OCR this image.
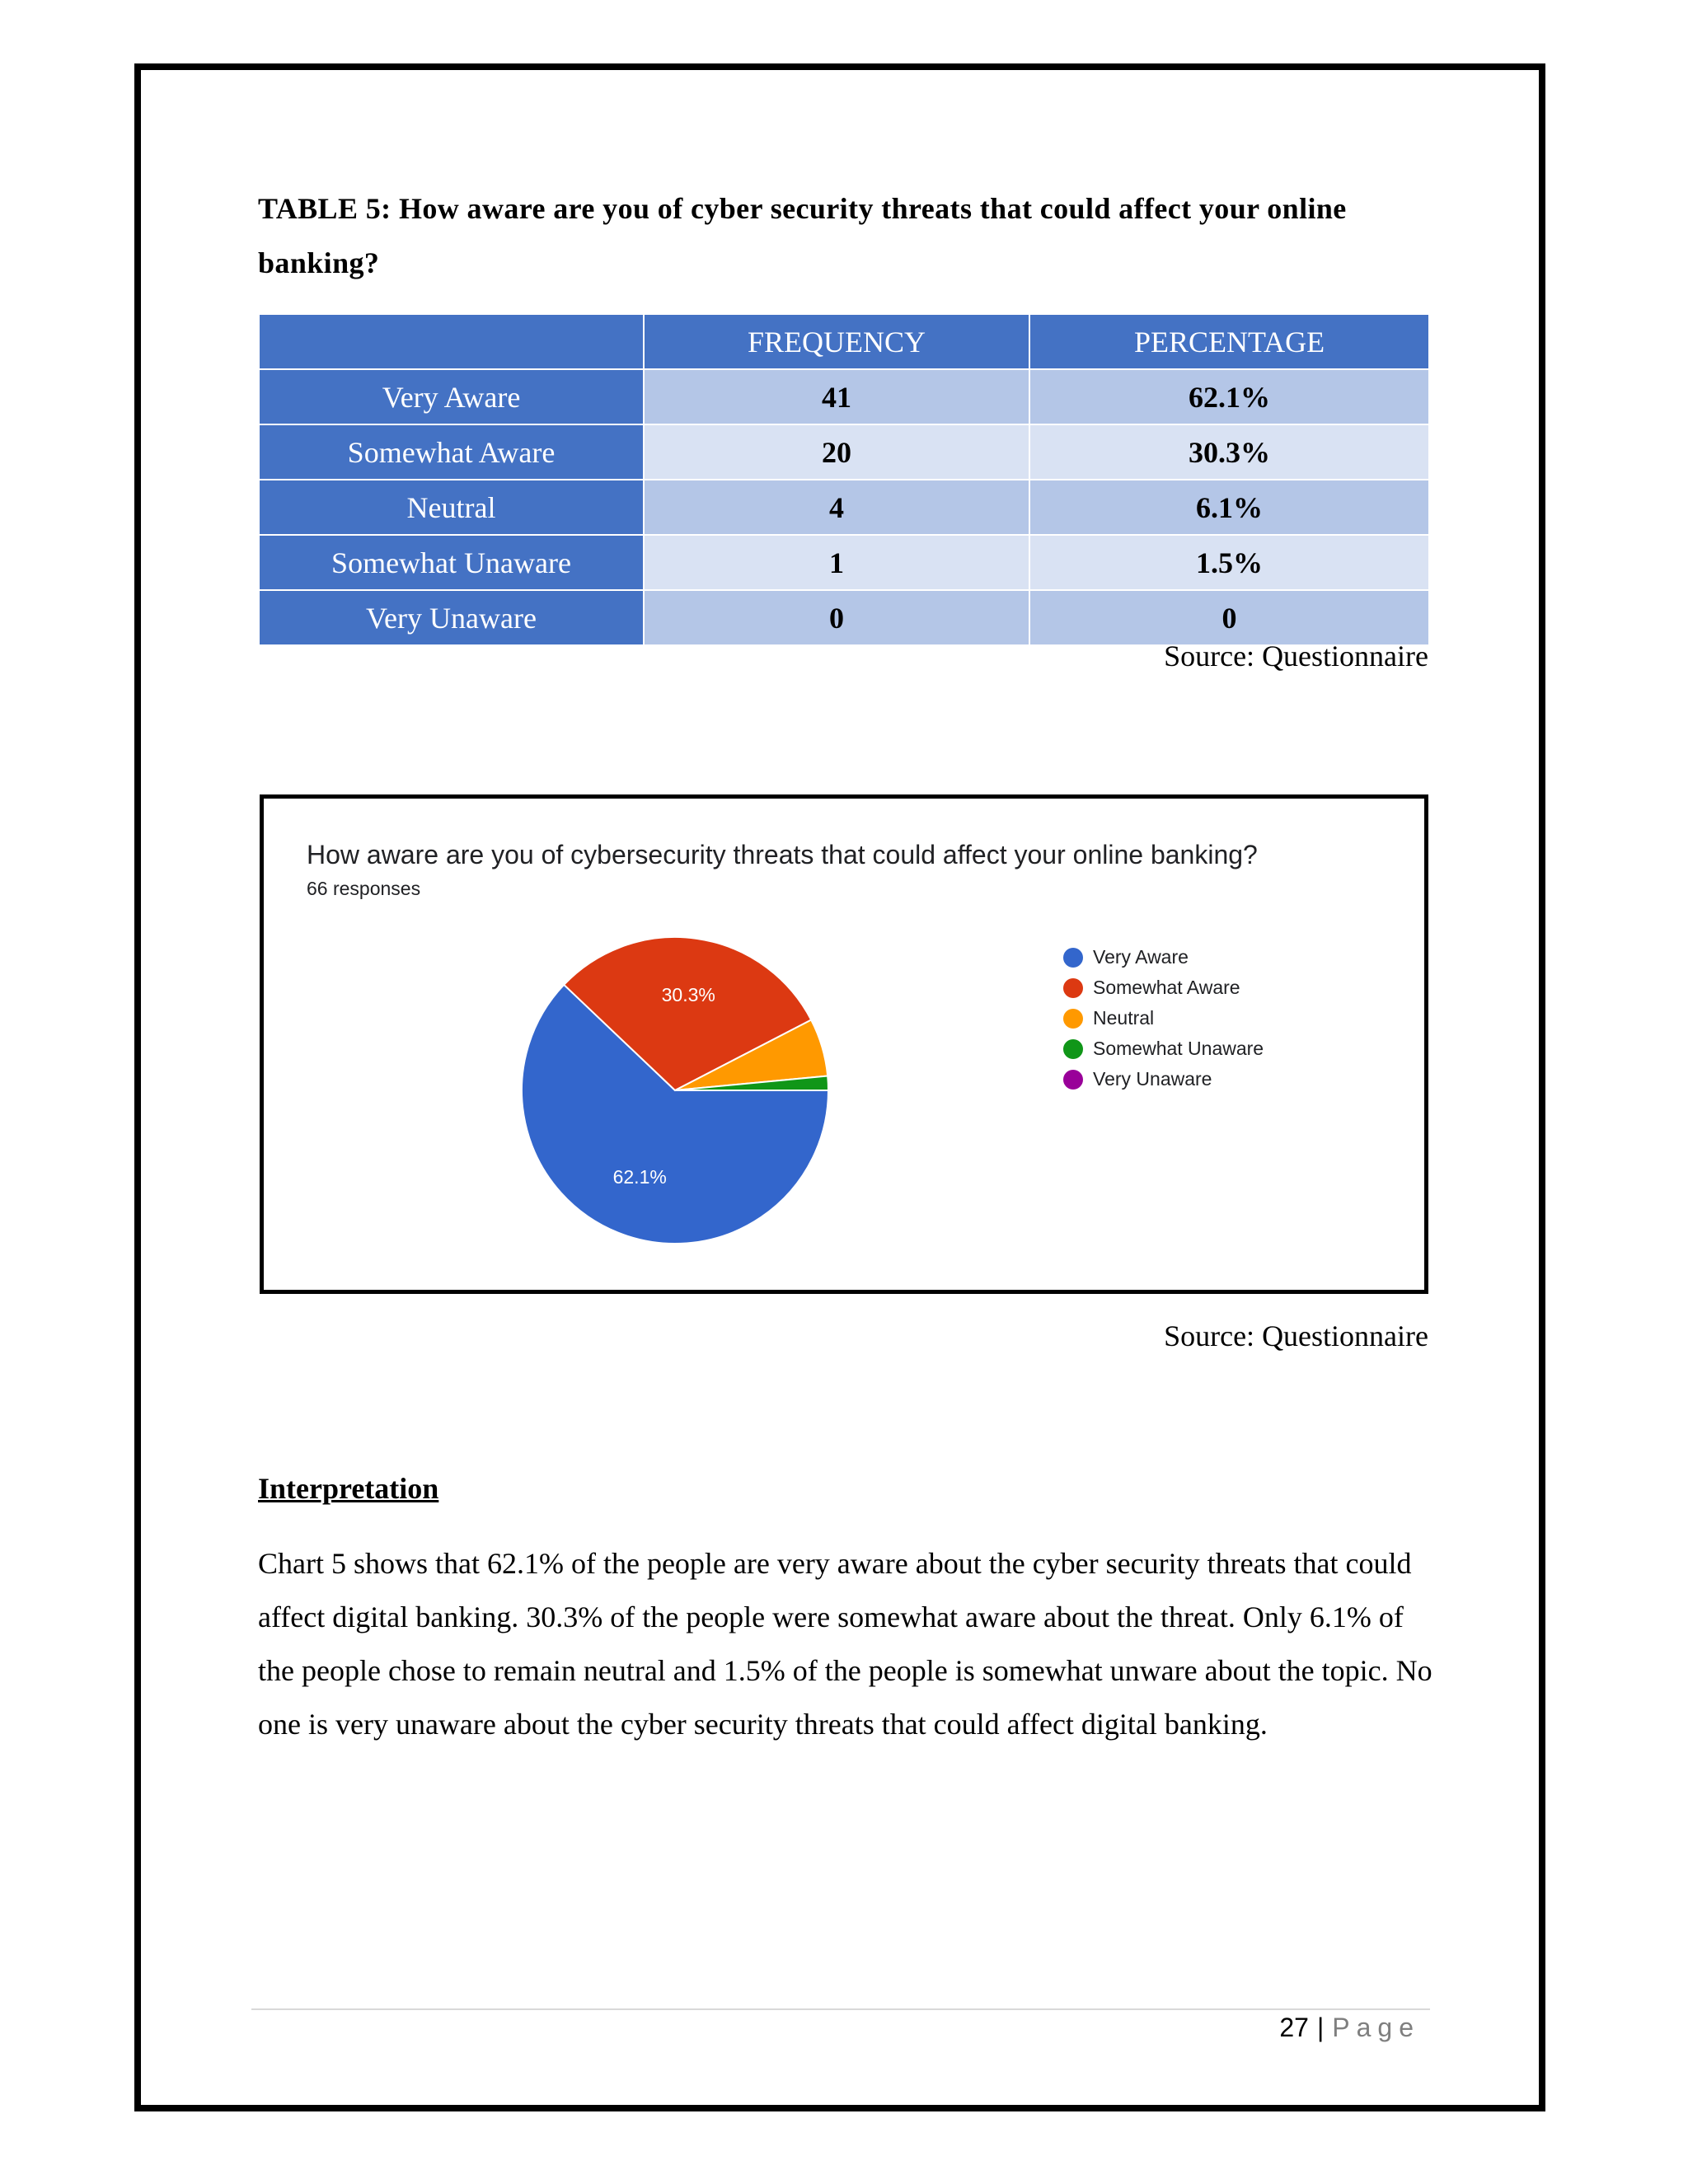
TABLE 5: How aware are you of cyber security threats that could affect your online banking?
	FREQUENCY	PERCENTAGE
Very Aware	41	62.1%
Somewhat Aware	20	30.3%
Neutral	4	6.1%
Somewhat Unaware	1	1.5%
Very Unaware	0	0
Source: Questionnaire
How aware are you of cybersecurity threats that could affect your online banking?
66 responses
62.1%
30.3%
Very Aware
Somewhat Aware
Neutral
Somewhat Unaware
Very Unaware
Source: Questionnaire
Interpretation
Chart 5 shows that 62.1% of the people are very aware about the cyber security threats that could affect digital banking. 30.3% of the people were somewhat aware about the threat. Only 6.1% of the people chose to remain neutral and 1.5% of the people is somewhat unware about the topic. No one is very unaware about the cyber security threats that could affect digital banking.
27 | Page
